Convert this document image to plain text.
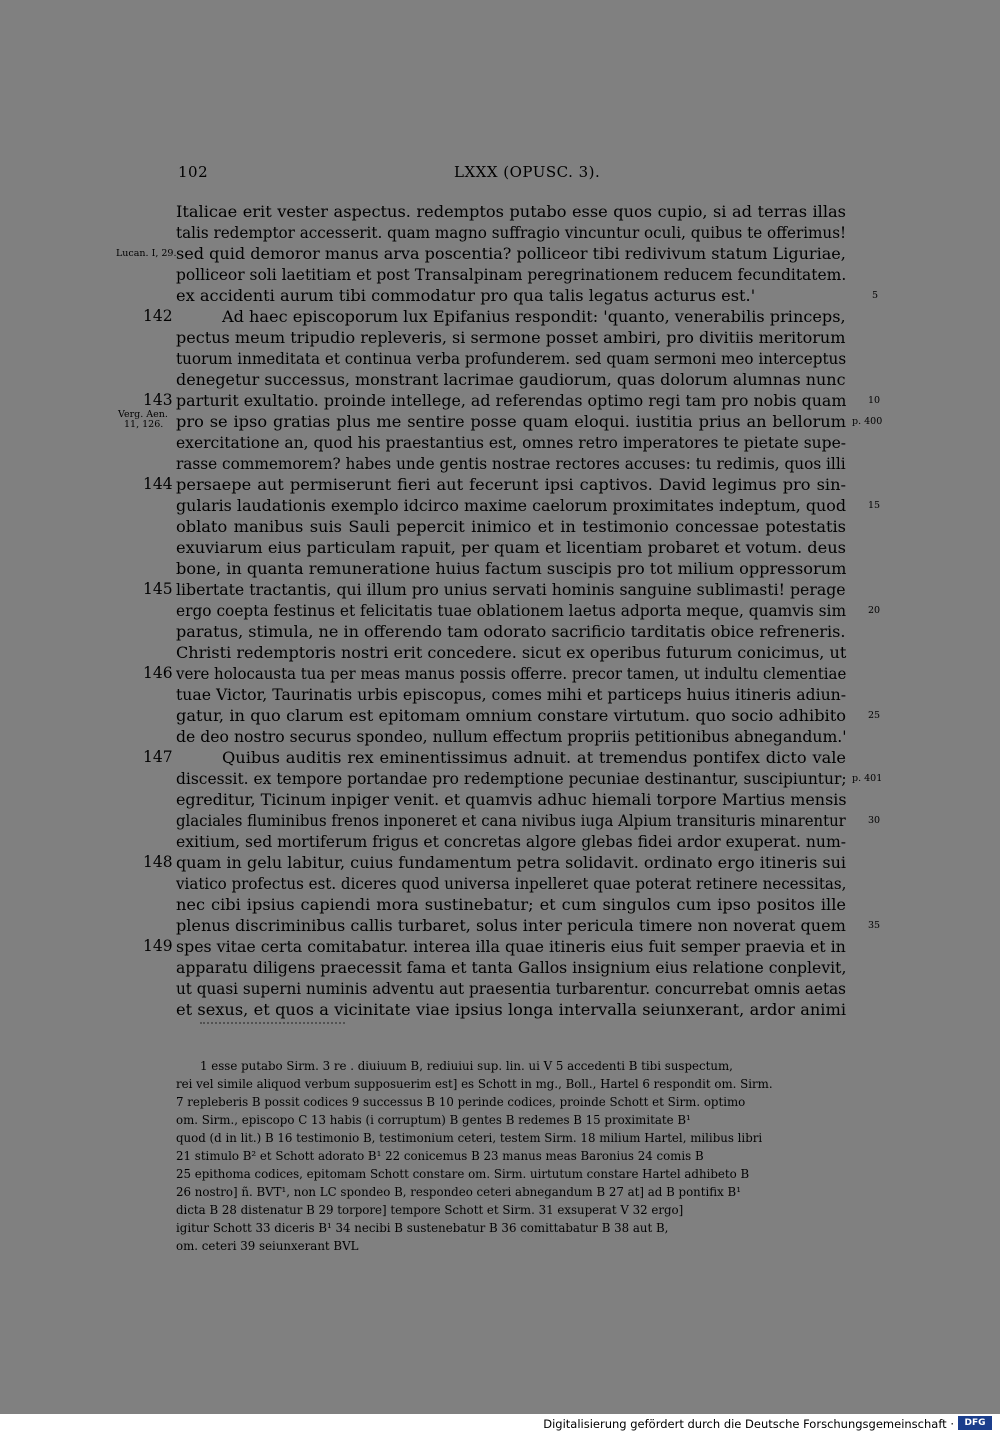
102	LXXX (OPUSC. 3).
Italicae erit vester aspectus. redemptos putabo esse quos cupio, si ad terras illas
talis redemptor accesserit. quam magno suffragio vincuntur oculi, quibus te offerimus!
sed quid demoror manus arva poscentia? polliceor tibi redivivum statum Liguriae,
polliceor soli laetitiam et post Transalpinam peregrinationem reducem fecunditatem.
ex accidenti aurum tibi commodatur pro qua talis legatus acturus est.'
Ad haec episcoporum lux Epifanius respondit: 'quanto, venerabilis princeps,
pectus meum tripudio repleveris, si sermone posset ambiri, pro divitiis meritorum
tuorum inmeditata et continua verba profunderem. sed quam sermoni meo interceptus
denegetur successus, monstrant lacrimae gaudiorum, quas dolorum alumnas nunc
parturit exultatio. proinde intellege, ad referendas optimo regi tam pro nobis quam
pro se ipso gratias plus me sentire posse quam eloqui. iustitia prius an bellorum
exercitatione an, quod his praestantius est, omnes retro imperatores te pietate supe-
rasse commemorem? habes unde gentis nostrae rectores accuses: tu redimis, quos illi
persaepe aut permiserunt fieri aut fecerunt ipsi captivos. David legimus pro sin-
gularis laudationis exemplo idcirco maxime caelorum proximitates indeptum, quod
oblato manibus suis Sauli pepercit inimico et in testimonio concessae potestatis
exuviarum eius particulam rapuit, per quam et licentiam probaret et votum. deus
bone, in quanta remuneratione huius factum suscipis pro tot milium oppressorum
libertate tractantis, qui illum pro unius servati hominis sanguine sublimasti! perage
ergo coepta festinus et felicitatis tuae oblationem laetus adporta meque, quamvis sim
paratus, stimula, ne in offerendo tam odorato sacrificio tarditatis obice refreneris.
Christi redemptoris nostri erit concedere. sicut ex operibus futurum conicimus, ut
vere holocausta tua per meas manus possis offerre. precor tamen, ut indultu clementiae
tuae Victor, Taurinatis urbis episcopus, comes mihi et particeps huius itineris adiun-
gatur, in quo clarum est epitomam omnium constare virtutum. quo socio adhibito
de deo nostro securus spondeo, nullum effectum propriis petitionibus abnegandum.'
Quibus auditis rex eminentissimus adnuit. at tremendus pontifex dicto vale
discessit. ex tempore portandae pro redemptione pecuniae destinantur, suscipiuntur;
egreditur, Ticinum inpiger venit. et quamvis adhuc hiemali torpore Martius mensis
glaciales fluminibus frenos inponeret et cana nivibus iuga Alpium transituris minarentur
exitium, sed mortiferum frigus et concretas algore glebas fidei ardor exuperat. num-
quam in gelu labitur, cuius fundamentum petra solidavit. ordinato ergo itineris sui
viatico profectus est. diceres quod universa inpelleret quae poterat retinere necessitas,
nec cibi ipsius capiendi mora sustinebatur; et cum singulos cum ipso positos ille
plenus discriminibus callis turbaret, solus inter pericula timere non noverat quem
spes vitae certa comitabatur. interea illa quae itineris eius fuit semper praevia et in
apparatu diligens praecessit fama et tanta Gallos insignium eius relatione conplevit,
ut quasi superni numinis adventu aut praesentia turbarentur. concurrebat omnis aetas
et sexus, et quos a vicinitate viae ipsius longa intervalla seiunxerant, ardor animi
142
143
144
145
146
147
148
149
Lucan. I, 29.
Verg. Aen.
11, 126.
5
10
p. 400
15
20
25
p. 401
30
35
1 esse putabo Sirm. 3 re . diuiuum B, rediuiui sup. lin. ui V 5 accedenti B tibi suspectum,
rei vel simile aliquod verbum supposuerim est] es Schott in mg., Boll., Hartel 6 respondit om. Sirm.
7 repleberis B possit codices 9 successus B 10 perinde codices, proinde Schott et Sirm. optimo
om. Sirm., episcopo C 13 habis (i corruptum) B gentes B redemes B 15 proximitate B¹
quod (d in lit.) B 16 testimonio B, testimonium ceteri, testem Sirm. 18 milium Hartel, milibus libri
21 stimulo B² et Schott adorato B¹ 22 conicemus B 23 manus meas Baronius 24 comis B
25 epithoma codices, epitomam Schott constare om. Sirm. uirtutum constare Hartel adhibeto B
26 nostro] ñ. BVT¹, non LC spondeo B, respondeo ceteri abnegandum B 27 at] ad B pontifix B¹
dicta B 28 distenatur B 29 torpore] tempore Schott et Sirm. 31 exsuperat V 32 ergo]
igitur Schott 33 diceris B¹ 34 necibi B sustenebatur B 36 comittabatur B 38 aut B,
om. ceteri 39 seiunxerant BVL
Digitalisierung gefördert durch die Deutsche Forschungsgemeinschaft ·	DFG
